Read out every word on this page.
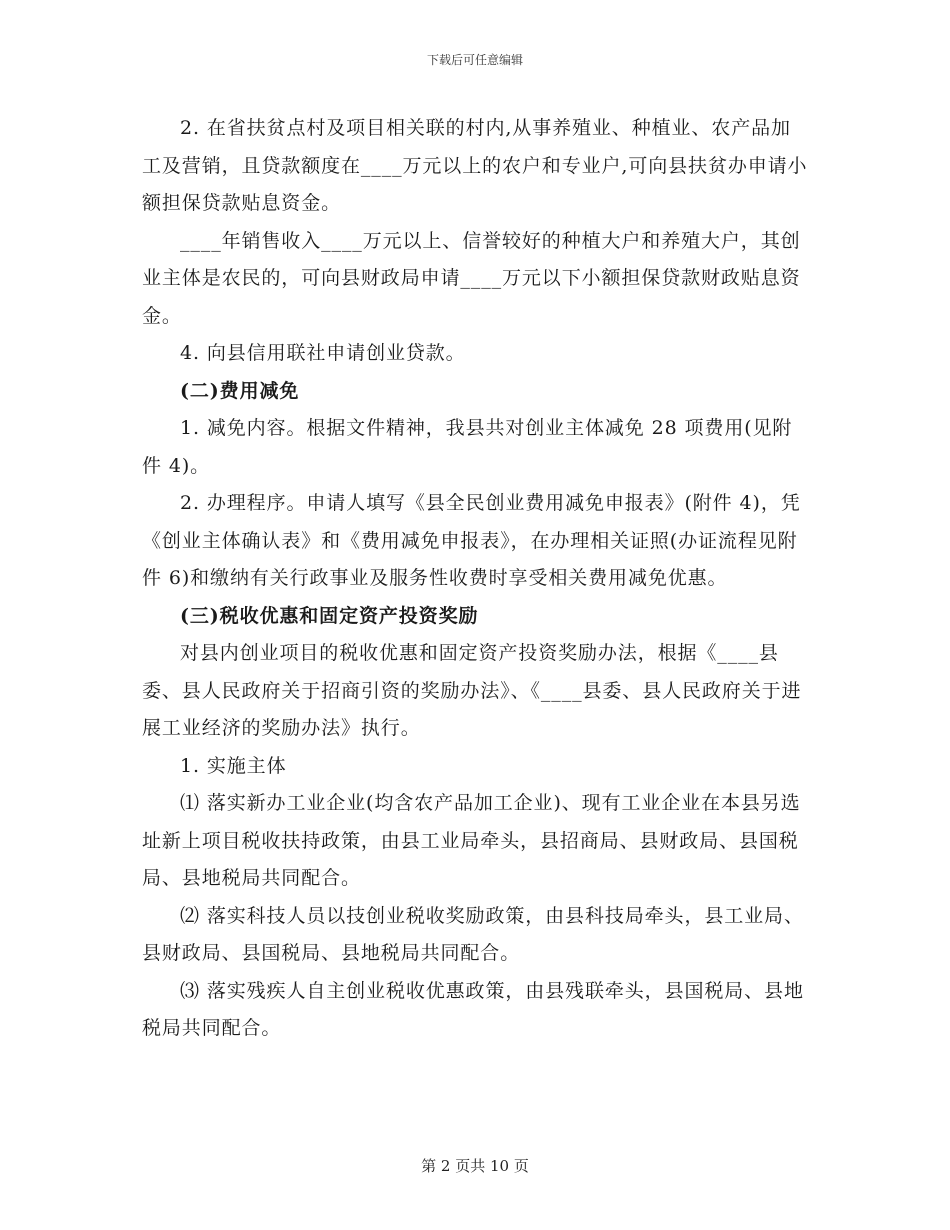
下载后可任意编辑

2. 在省扶贫点村及项目相关联的村内,从事养殖业、种植业、农产品加工及营销，且贷款额度在____万元以上的农户和专业户,可向县扶贫办申请小额担保贷款贴息资金。

____年销售收入____万元以上、信誉较好的种植大户和养殖大户，其创业主体是农民的，可向县财政局申请____万元以下小额担保贷款财政贴息资金。

4. 向县信用联社申请创业贷款。

(二)费用减免

1. 减免内容。根据文件精神，我县共对创业主体减免 28 项费用(见附件 4)。

2. 办理程序。申请人填写《县全民创业费用减免申报表》(附件 4)，凭《创业主体确认表》和《费用减免申报表》，在办理相关证照(办证流程见附件 6)和缴纳有关行政事业及服务性收费时享受相关费用减免优惠。

(三)税收优惠和固定资产投资奖励

对县内创业项目的税收优惠和固定资产投资奖励办法，根据《____县委、县人民政府关于招商引资的奖励办法》、《____县委、县人民政府关于进展工业经济的奖励办法》执行。

1. 实施主体

⑴ 落实新办工业企业(均含农产品加工企业)、现有工业企业在本县另选址新上项目税收扶持政策，由县工业局牵头，县招商局、县财政局、县国税局、县地税局共同配合。

⑵ 落实科技人员以技创业税收奖励政策，由县科技局牵头，县工业局、县财政局、县国税局、县地税局共同配合。

⑶ 落实残疾人自主创业税收优惠政策，由县残联牵头，县国税局、县地税局共同配合。

第 2 页共 10 页
